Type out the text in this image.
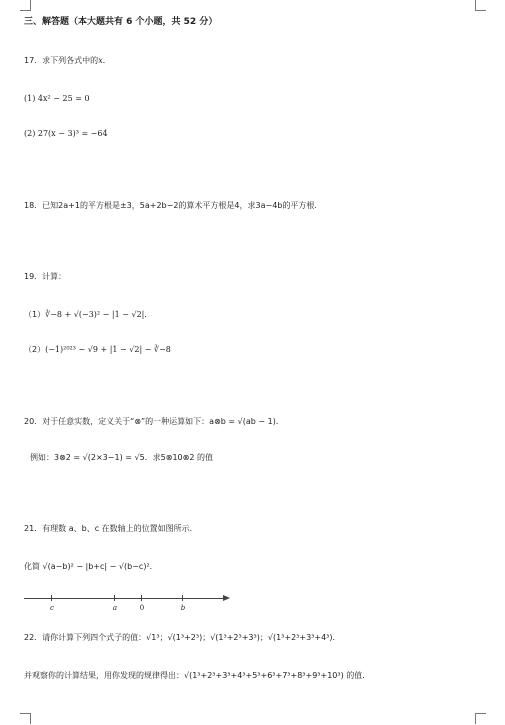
三、解答题（本大题共有 6 个小题，共 52 分）
17．求下列各式中的x．
(1) 4x² − 25 = 0
(2) 27(x − 3)³ = −64
18．已知2a+1的平方根是±3，5a+2b−2的算术平方根是4，求3a−4b的平方根．
19．计算：
（1）∛−8 + √(−3)² − |1 − √2|．
（2）(−1)²⁰²³ − √9 + |1 − √2| − ∛−8
20．对于任意实数，定义关于“⊗”的一种运算如下：a⊗b = √(ab − 1)．
例如：3⊗2 = √(2×3−1) = √5．求5⊗10⊗2 的值
21．有理数 a、b、c 在数轴上的位置如图所示．
化简 √(a−b)² − |b+c| − √(b−c)²．
c	a	0	b
22．请你计算下列四个式子的值：√1³；√(1³+2³)；√(1³+2³+3³)；√(1³+2³+3³+4³)．
并观察你的计算结果，用你发现的规律得出：√(1³+2³+3³+4³+5³+6³+7³+8³+9³+10³) 的值．
